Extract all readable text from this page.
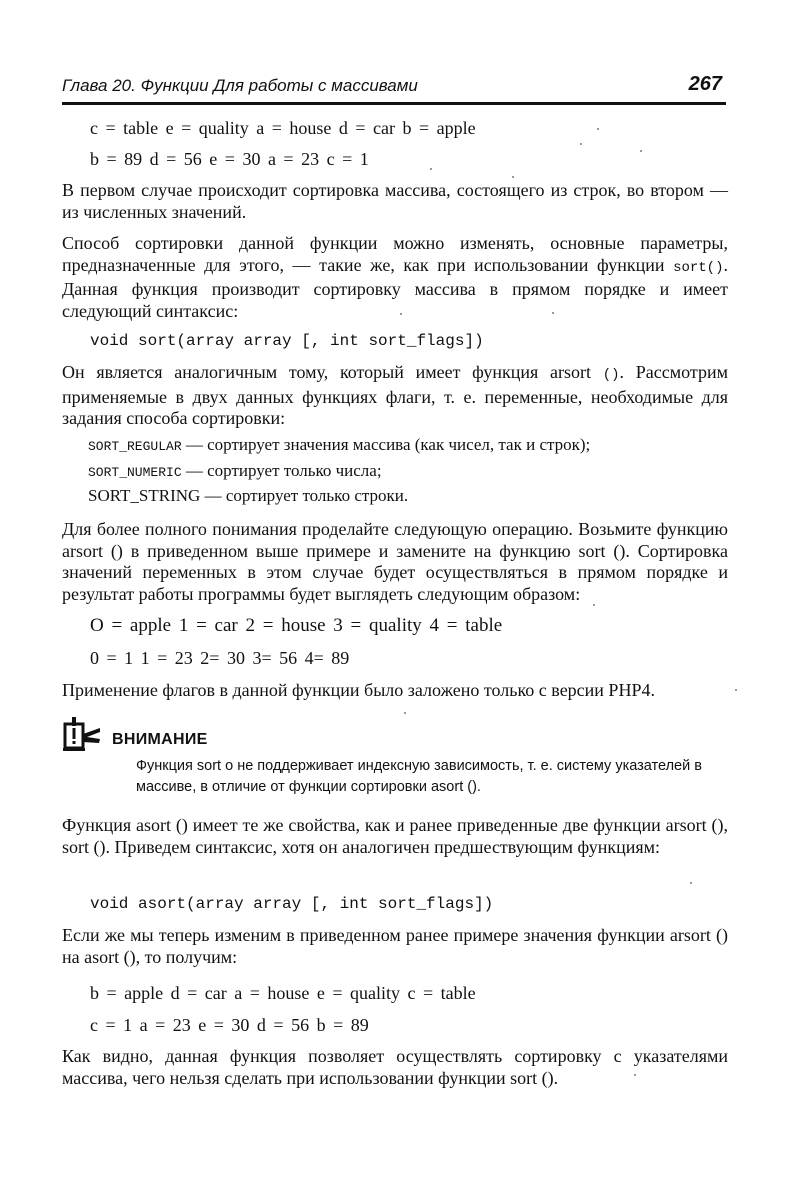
Глава 20. Функции Для работы с массивами	267
c = table e = quality a = house d = car b = apple
b = 89 d = 56 e = 30 a = 23 c = 1
В первом случае происходит сортировка массива, состоящего из строк, во втором — из численных значений.
Способ сортировки данной функции можно изменять, основные параметры, предназначенные для этого, — такие же, как при использовании функции sort(). Данная функция производит сортировку массива в прямом порядке и имеет следующий синтаксис:
void sort(array array [, int sort_flags])
Он является аналогичным тому, который имеет функция arsort (). Рассмотрим применяемые в двух данных функциях флаги, т. е. переменные, необходимые для задания способа сортировки:
SORT_REGULAR — сортирует значения массива (как чисел, так и строк);
SORT_NUMERIC — сортирует только числа;
SORT_STRING — сортирует только строки.
Для более полного понимания проделайте следующую операцию. Возьмите функцию arsort () в приведенном выше примере и замените на функцию sort (). Сортировка значений переменных в этом случае будет осуществляться в прямом порядке и результат работы программы будет выглядеть следующим образом:
O = apple 1 = car 2 = house 3 = quality 4 = table
0 = 1 1 = 23 2= 30 3= 56 4= 89
Применение флагов в данной функции было заложено только с версии PHP4.
ВНИМАНИЕ
Функция sort о не поддерживает индексную зависимость, т. е. систему указателей в массиве, в отличие от функции сортировки asort ().
Функция asort () имеет те же свойства, как и ранее приведенные две функции arsort (), sort (). Приведем синтаксис, хотя он аналогичен предшествующим функциям:
void asort(array array [, int sort_flags])
Если же мы теперь изменим в приведенном ранее примере значения функции arsort () на asort (), то получим:
b = apple d = car a = house e = quality c = table
c = 1 a = 23 e = 30 d = 56 b = 89
Как видно, данная функция позволяет осуществлять сортировку с указателями массива, чего нельзя сделать при использовании функции sort ().
